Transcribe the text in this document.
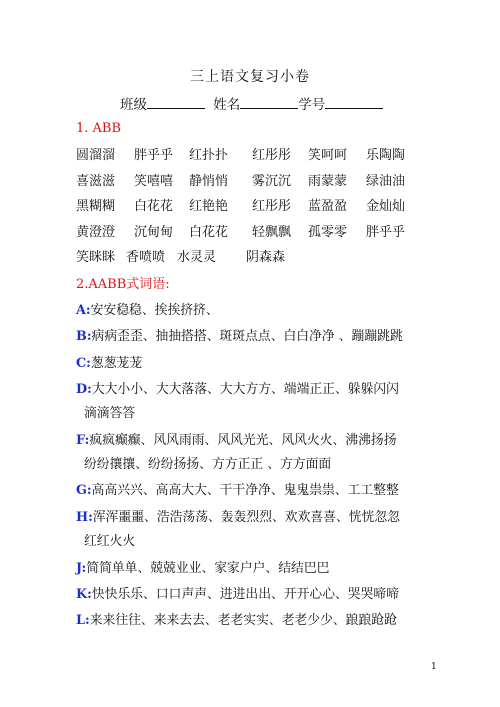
三上语文复习小卷
班级	姓名	学号
1. ABB
圆溜溜 胖乎乎 红扑扑 红彤彤 笑呵呵 乐陶陶
喜滋滋 笑嘻嘻 静悄悄 雾沉沉 雨蒙蒙 绿油油
黑糊糊 白花花 红艳艳 红彤彤 蓝盈盈 金灿灿
黄澄澄 沉甸甸 白花花 轻飘飘 孤零零 胖乎乎
笑眯眯 香喷喷 水灵灵 阴森森
2.AABB式词语:
A:安安稳稳、挨挨挤挤、
B:病病歪歪、抽抽搭搭、斑斑点点、白白净净 、蹦蹦跳跳
C:葱葱茏茏
D:大大小小、大大落落、大大方方、端端正正、躲躲闪闪
滴滴答答
F:疯疯癫癫、风风雨雨、风风光光、风风火火、沸沸扬扬
纷纷攘攘、纷纷扬扬、方方正正 、方方面面
G:高高兴兴、高高大大、干干净净、鬼鬼祟祟、工工整整
H:浑浑噩噩、浩浩荡荡、轰轰烈烈、欢欢喜喜、恍恍忽忽
红红火火
J:简简单单、兢兢业业、家家户户、结结巴巴
K:快快乐乐、口口声声、进进出出、开开心心、哭哭啼啼
L:来来往往、来来去去、老老实实、老老少少、踉踉跄跄
1
